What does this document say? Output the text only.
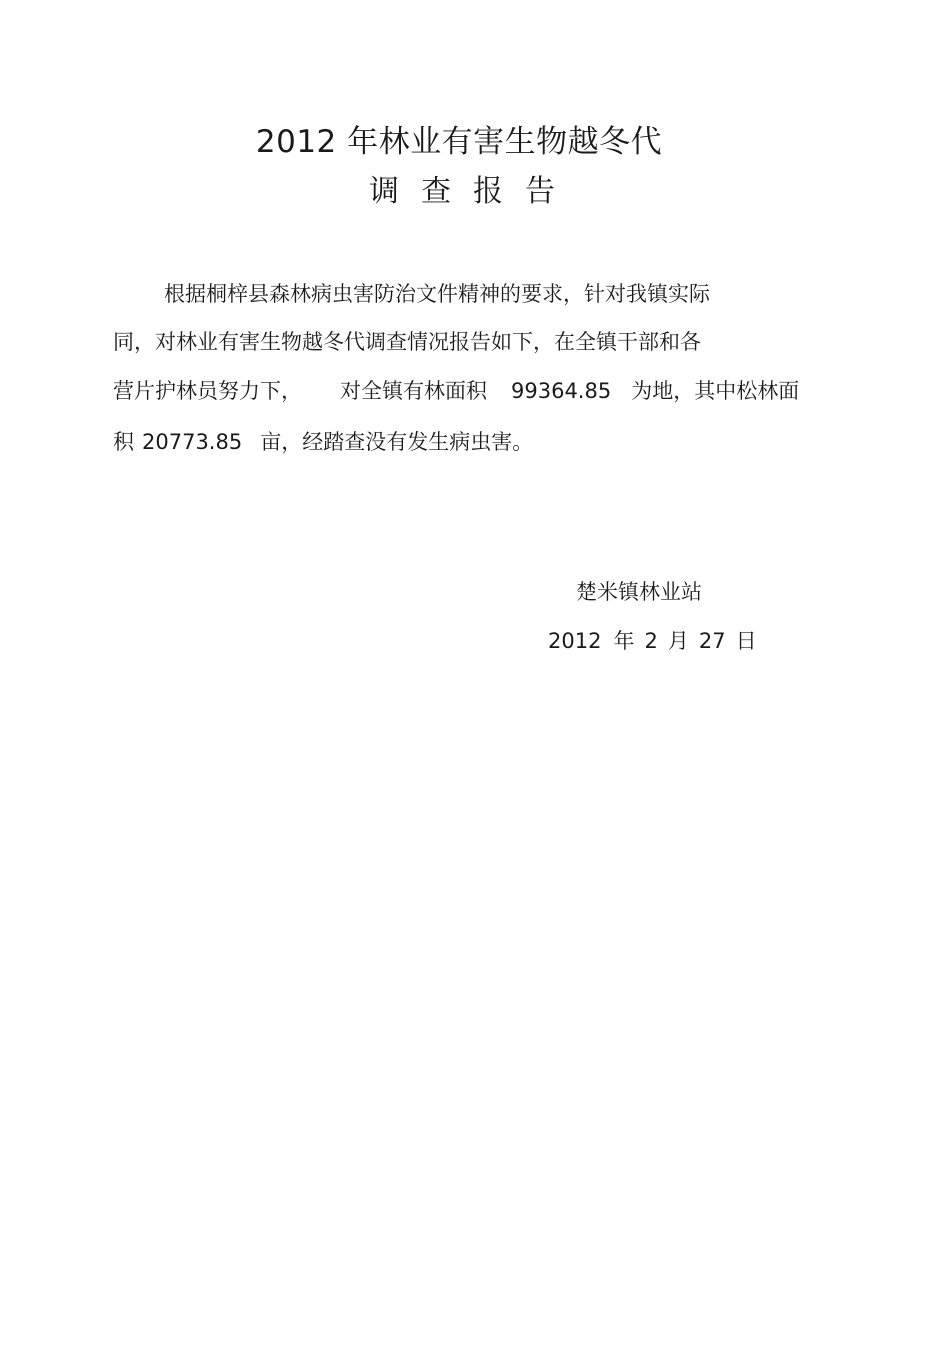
2012 年林业有害生物越冬代
调查报告
根据桐梓县森林病虫害防治文件精神的要求，针对我镇实际
同，对林业有害生物越冬代调查情况报告如下，在全镇干部和各
营片护林员努力下， 对全镇有林面积 99364.85 为地，其中松林面
积 20773.85 亩，经踏查没有发生病虫害。
楚米镇林业站
2012 年 2 月 27 日
